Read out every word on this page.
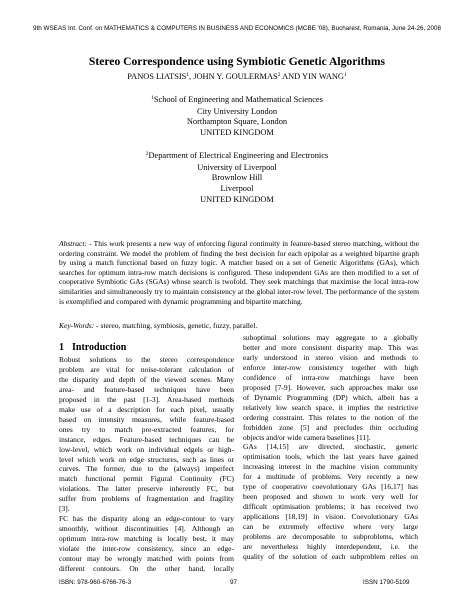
9th WSEAS Int. Conf. on MATHEMATICS & COMPUTERS IN BUSINESS AND ECONOMICS (MCBE '08), Bucharest, Romania, June 24-26, 2008
Stereo Correspondence using Symbiotic Genetic Algorithms
PANOS LIATSIS$^1$, JOHN Y. GOULERMAS$^2$ AND YIN WANG$^1$
$^1$School of Engineering and Mathematical Sciences
City University London
Northampton Square, London
UNITED KINGDOM
$^2$Department of Electrical Engineering and Electronics
University of Liverpool
Brownlow Hill
Liverpool
UNITED KINGDOM
Abstract: - This work presents a new way of enforcing figural continuity in feature-based stereo matching, without the ordering constraint. We model the problem of finding the best decision for each epipolar as a weighted bipartite graph by using a match functional based on fuzzy logic. A matcher based on a set of Genetic Algorithms (GAs), which searches for optimum intra-row match decisions is configured. These independent GAs are then modified to a set of cooperative Symbiotic GAs (SGAs) whose search is twofold. They seek matchings that maximise the local intra-row similarities and simultaneously try to maintain consistency at the global inter-row level. The performance of the system is exemplified and compared with dynamic programming and bipartite matching.
Key-Words: - stereo, matching, symbiosis, genetic, fuzzy, parallel.
1 Introduction

Robust solutions to the stereo correspondence

problem are vital for noise-tolerant calculation of

the disparity and depth of the viewed scenes. Many

area- and feature-based techniques have been

proposed in the past [1-3]. Area-based methods

make use of a description for each pixel, usually

based on intensity measures, while feature-based

ones try to match pre-extracted features, for

instance, edges. Feature-based techniques can be

low-level, which work on individual edgels or high-

level which work on edge structures, such as lines or

curves. The former, due to the (always) imperfect

match functional permit Figural Continuity (FC)

violations. The latter preserve inherently FC, but

suffer from problems of fragmentation and fragility

[3].

FC has the disparity along an edge-contour to vary

smoothly, without discontinuities [4]. Although an

optimum intra-row matching is locally best, it may

violate the inter-row consistency, since an edge-

contour may be wrongly matched with points from

different contours. On the other hand, locally

suboptimal solutions may aggregate to a globally

better and more consistent disparity map. This was

early understood in stereo vision and methods to

enforce inter-row consistency together with high

confidence of intra-row matchings have been

proposed [7-9]. However, such approaches make use

of Dynamic Programming (DP) which, albeit has a

relatively low search space, it implies the restrictive

ordering constraint. This relates to the notion of the

forbidden zone [5] and precludes thin occluding

objects and/or wide camera baselines [11].

GAs [14,15] are directed, stochastic, generic

optimisation tools, which the last years have gained

increasing interest in the machine vision community

for a multitude of problems. Very recently a new

type of cooperative coevolutionary GAs [16,17] has

been proposed and shown to work very well for

difficult optimisation problems; it has received two

applications [18,19] in vision. Coevolutionary GAs

can be extremely effective where very large

problems are decomposable to subproblems, which

are nevertheless highly interdependent, i.e. the

quality of the solution of each subproblem relies on

ISBN: 978-960-6766-76-3	97	ISSN 1790-5109
